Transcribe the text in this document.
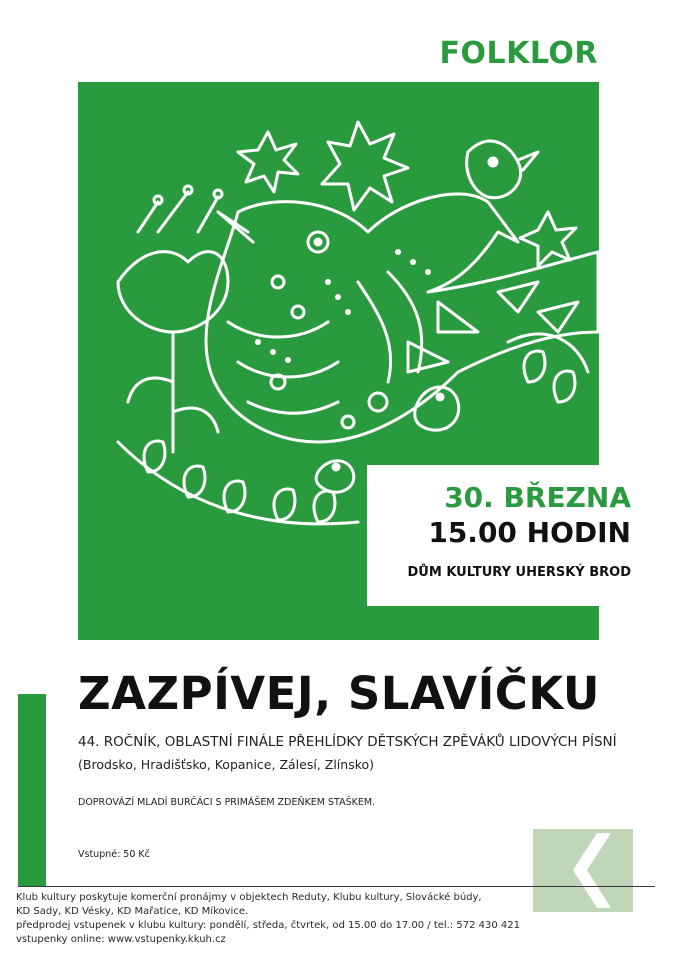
FOLKLOR
30. BŘEZNA
15.00 HODIN
DŮM KULTURY UHERSKÝ BROD
ZAZPÍVEJ, SLAVÍČKU
44. ROČNÍK, OBLASTNÍ FINÁLE PŘEHLÍDKY DĚTSKÝCH ZPĚVÁKŮ LIDOVÝCH PÍSNÍ
(Brodsko, Hradišťsko, Kopanice, Zálesí, Zlínsko)
DOPROVÁZÍ MLADÍ BURČÁCI S PRIMÁŠEM ZDEŇKEM STAŠKEM.
Vstupné: 50 Kč
Klub kultury poskytuje komerční pronájmy v objektech Reduty, Klubu kultury, Slovácké búdy,
KD Sady, KD Vésky, KD Mařatice, KD Míkovice.
předprodej vstupenek v klubu kultury: pondělí, středa, čtvrtek, od 15.00 do 17.00 / tel.: 572 430 421
vstupenky online: www.vstupenky.kkuh.cz
